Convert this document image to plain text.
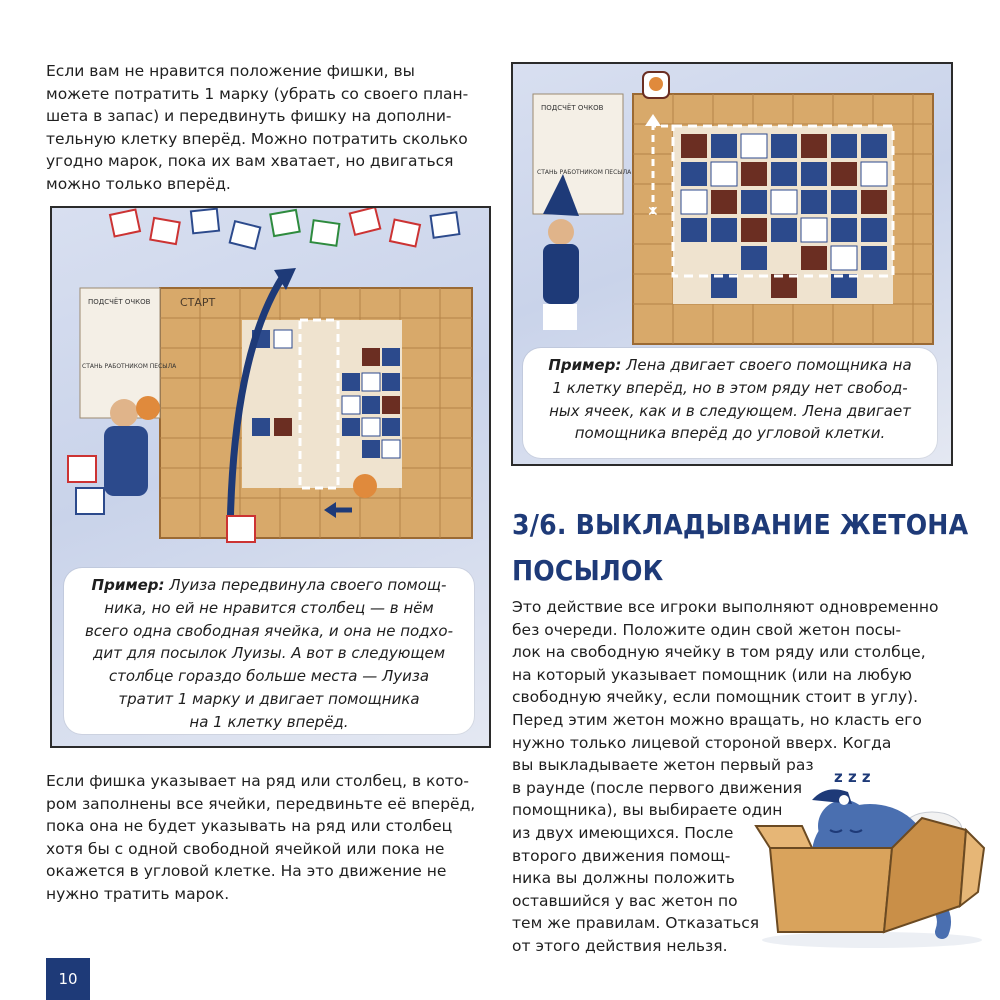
Если вам не нравится положение фишки, вы
можете потратить 1 марку (убрать со своего план-
шета в запас) и передвинуть фишку на дополни-
тельную клетку вперёд. Можно потратить сколько
угодно марок, пока их вам хватает, но двигаться
можно только вперёд.
СТАРТ
ПОДСЧЁТ ОЧКОВ
СТАНЬ РАБОТНИКОМ ПЕСЫЛА
Пример: Луиза передвинула своего помощ-
ника, но ей не нравится столбец — в нём
всего одна свободная ячейка, и она не подхо-
дит для посылок Луизы. А вот в следующем
столбце гораздо больше места — Луиза
тратит 1 марку и двигает помощника
на 1 клетку вперёд.
✕
ПОДСЧЁТ ОЧКОВ
СТАНЬ РАБОТНИКОМ ПЕСЫЛА
Пример: Лена двигает своего помощника на
1 клетку вперёд, но в этом ряду нет свобод-
ных ячеек, как и в следующем. Лена двигает
помощника вперёд до угловой клетки.
Если фишка указывает на ряд или столбец, в кото-
ром заполнены все ячейки, передвиньте её вперёд,
пока она не будет указывать на ряд или столбец
хотя бы с одной свободной ячейкой или пока не
окажется в угловой клетке. На это движение не
нужно тратить марок.
3/6. ВЫКЛАДЫВАНИЕ ЖЕТОНА
ПОСЫЛОК
Это действие все игроки выполняют одновременно
без очереди. Положите один свой жетон посы-
лок на свободную ячейку в том ряду или столбце,
на который указывает помощник (или на любую
свободную ячейку, если помощник стоит в углу).
Перед этим жетон можно вращать, но класть его
нужно только лицевой стороной вверх. Когда
вы выкладываете жетон первый раз
в раунде (после первого движения
помощника), вы выбираете один
из двух имеющихся. После
второго движения помощ-
ника вы должны положить
оставшийся у вас жетон по
тем же правилам. Отказаться
от этого действия нельзя.
z z z
10
